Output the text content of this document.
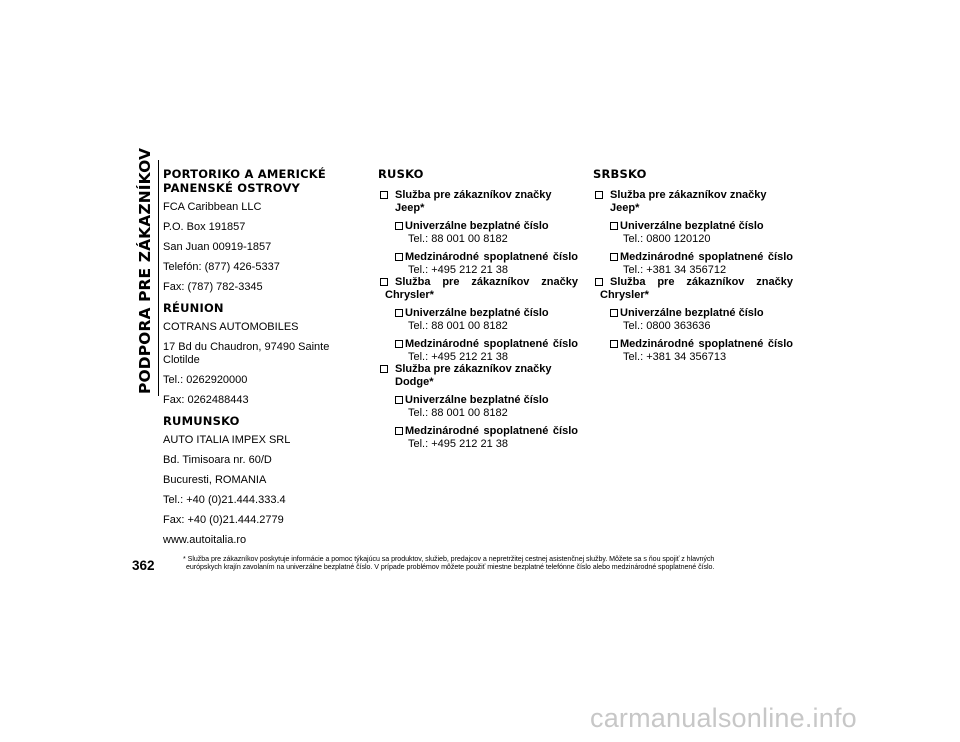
PODPORA PRE ZÁKAZNÍKOV PORTORIKO A AMERICKÉ PANENSKÉ OSTROVY
FCA Caribbean LLC
P.O. Box 191857
San Juan 00919-1857
Telefón: (877) 426-5337
Fax: (787) 782-3345
RÉUNION
COTRANS AUTOMOBILES
17 Bd du Chaudron, 97490 Sainte Clotilde
Tel.: 0262920000
Fax: 0262488443
RUMUNSKO
AUTO ITALIA IMPEX SRL
Bd. Timisoara nr. 60/D
Bucuresti, ROMANIA
Tel.: +40 (0)21.444.333.4
Fax: +40 (0)21.444.2779
www.autoitalia.ro
RUSKO
Služba pre zákazníkov značky Jeep*
Univerzálne bezplatné číslo
Tel.: 88 001 00 8182
Medzinárodné spoplatnené číslo
Tel.: +495 212 21 38
Služba pre zákazníkov značky
Chrysler*
Univerzálne bezplatné číslo
Tel.: 88 001 00 8182
Medzinárodné spoplatnené číslo
Tel.: +495 212 21 38
Služba pre zákazníkov značky Dodge*
Univerzálne bezplatné číslo
Tel.: 88 001 00 8182
Medzinárodné spoplatnené číslo
Tel.: +495 212 21 38
SRBSKO
Služba pre zákazníkov značky Jeep*
Univerzálne bezplatné číslo
Tel.: 0800 120120
Medzinárodné spoplatnené číslo
Tel.: +381 34 356712
Služba pre zákazníkov značky
Chrysler*
Univerzálne bezplatné číslo
Tel.: 0800 363636
Medzinárodné spoplatnené číslo
Tel.: +381 34 356713
362	* Služba pre zákazníkov poskytuje informácie a pomoc týkajúcu sa produktov, služieb, predajcov a nepretržitej cestnej asistenčnej služby. Môžete sa s ňou spojiť z hlavných
európskych krajín zavolaním na univerzálne bezplatné číslo. V prípade problémov môžete použiť miestne bezplatné telefónne číslo alebo medzinárodné spoplatnené číslo.
carmanualsonline.info
